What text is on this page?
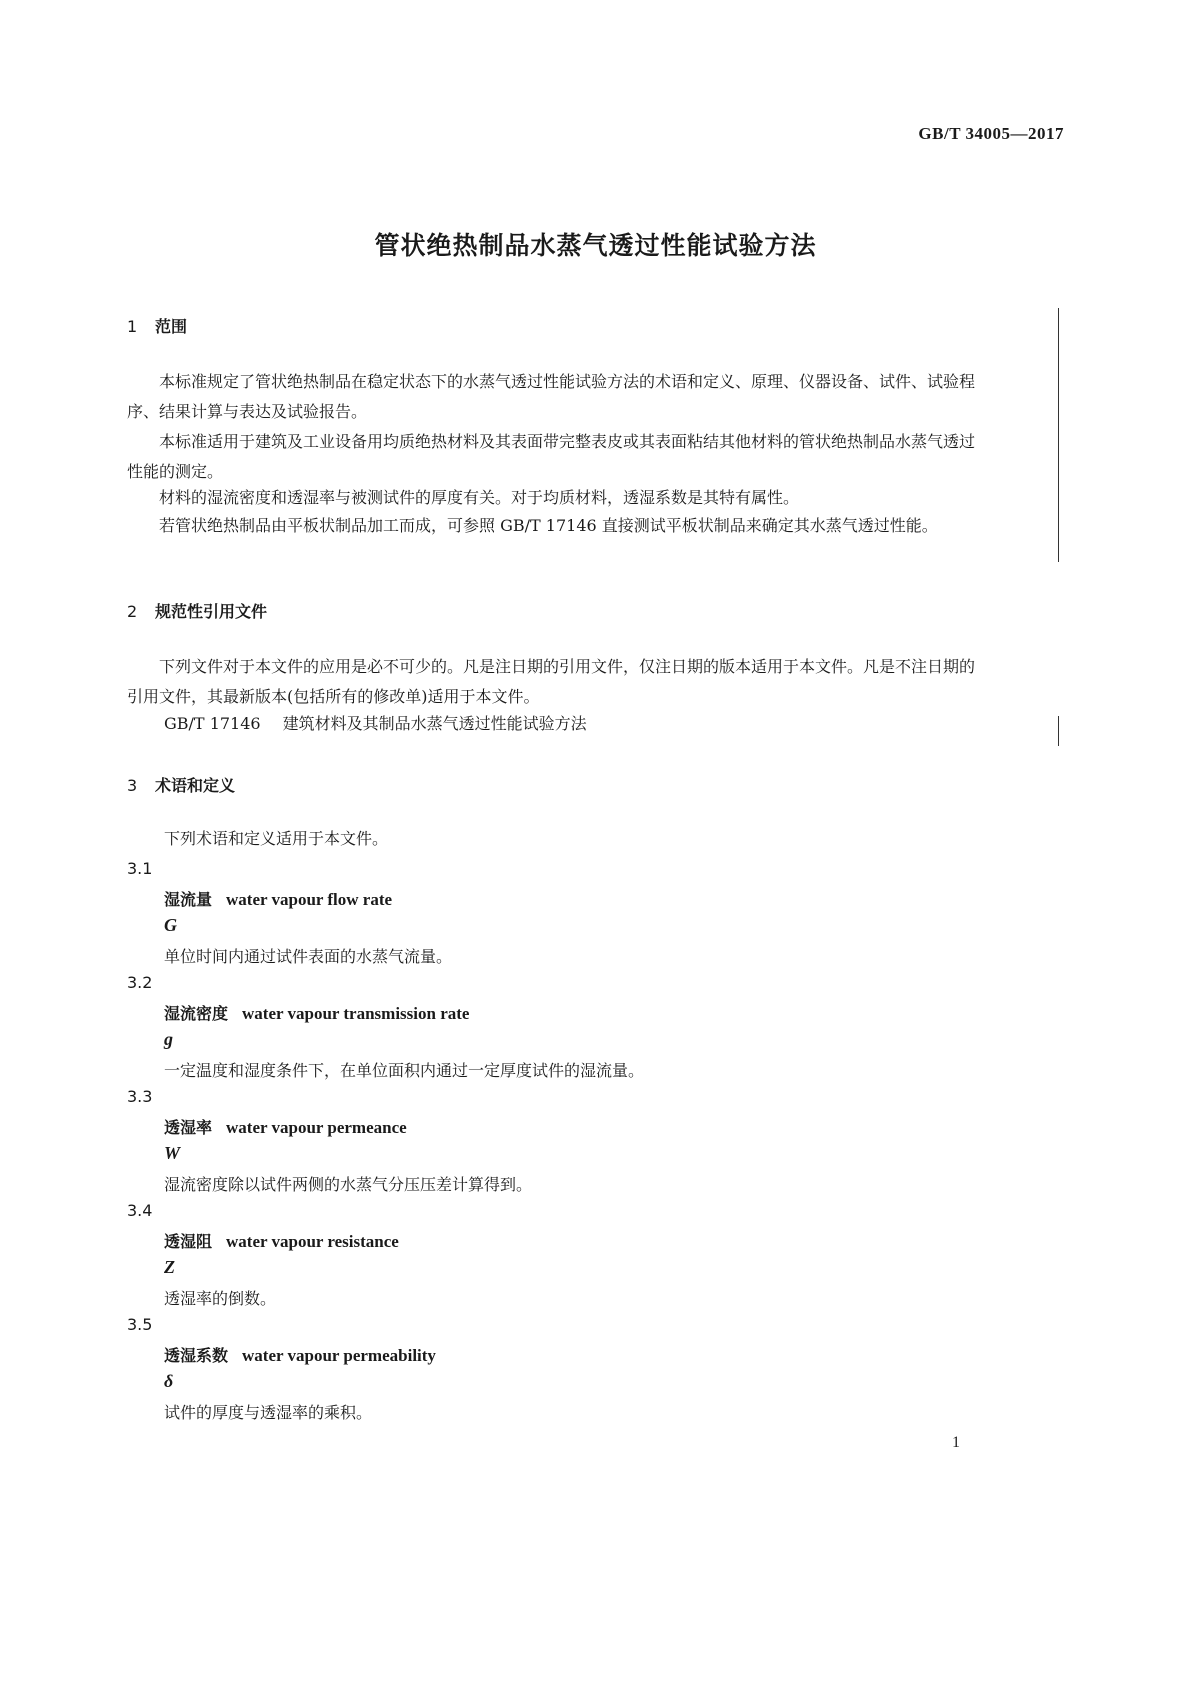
GB/T 34005—2017
管状绝热制品水蒸气透过性能试验方法
1 范围
本标准规定了管状绝热制品在稳定状态下的水蒸气透过性能试验方法的术语和定义、原理、仪器设备、试件、试验程序、结果计算与表达及试验报告。
本标准适用于建筑及工业设备用均质绝热材料及其表面带完整表皮或其表面粘结其他材料的管状绝热制品水蒸气透过性能的测定。
材料的湿流密度和透湿率与被测试件的厚度有关。对于均质材料，透湿系数是其特有属性。
若管状绝热制品由平板状制品加工而成，可参照 GB/T 17146 直接测试平板状制品来确定其水蒸气透过性能。
2 规范性引用文件
下列文件对于本文件的应用是必不可少的。凡是注日期的引用文件，仅注日期的版本适用于本文件。凡是不注日期的引用文件，其最新版本(包括所有的修改单)适用于本文件。
GB/T 17146 建筑材料及其制品水蒸气透过性能试验方法
3 术语和定义
下列术语和定义适用于本文件。
3.1
湿流量 water vapour flow rate
G
单位时间内通过试件表面的水蒸气流量。
3.2
湿流密度 water vapour transmission rate
g
一定温度和湿度条件下，在单位面积内通过一定厚度试件的湿流量。
3.3
透湿率 water vapour permeance
W
湿流密度除以试件两侧的水蒸气分压压差计算得到。
3.4
透湿阻 water vapour resistance
Z
透湿率的倒数。
3.5
透湿系数 water vapour permeability
δ
试件的厚度与透湿率的乘积。
1
